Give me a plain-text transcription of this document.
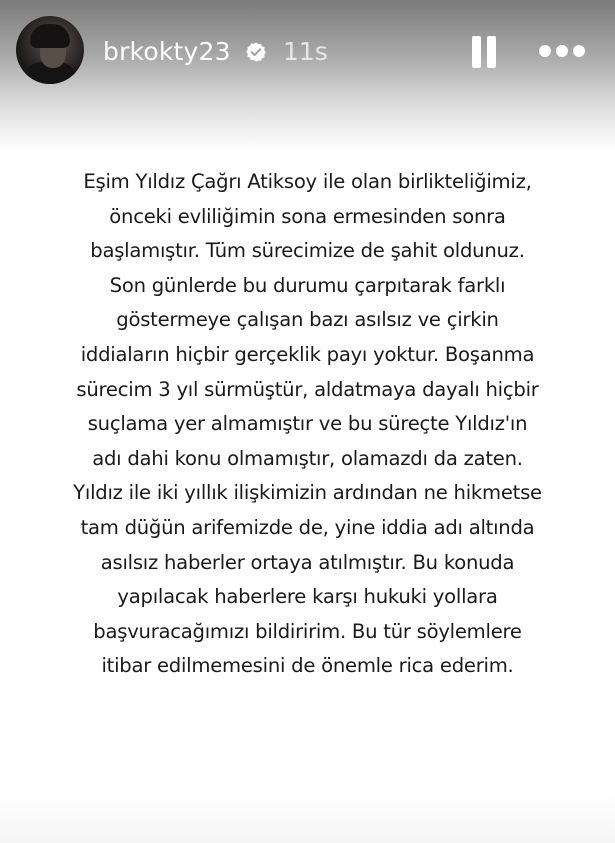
brkokty23 11s
Eşim Yıldız Çağrı Atiksoy ile olan birlikteliğimiz,
önceki evliliğimin sona ermesinden sonra
başlamıştır. Tüm sürecimize de şahit oldunuz.
Son günlerde bu durumu çarpıtarak farklı
göstermeye çalışan bazı asılsız ve çirkin
iddiaların hiçbir gerçeklik payı yoktur. Boşanma
sürecim 3 yıl sürmüştür, aldatmaya dayalı hiçbir
suçlama yer almamıştır ve bu süreçte Yıldız'ın
adı dahi konu olmamıştır, olamazdı da zaten.
Yıldız ile iki yıllık ilişkimizin ardından ne hikmetse
tam düğün arifemizde de, yine iddia adı altında
asılsız haberler ortaya atılmıştır. Bu konuda
yapılacak haberlere karşı hukuki yollara
başvuracağımızı bildiririm. Bu tür söylemlere
itibar edilmemesini de önemle rica ederim.
